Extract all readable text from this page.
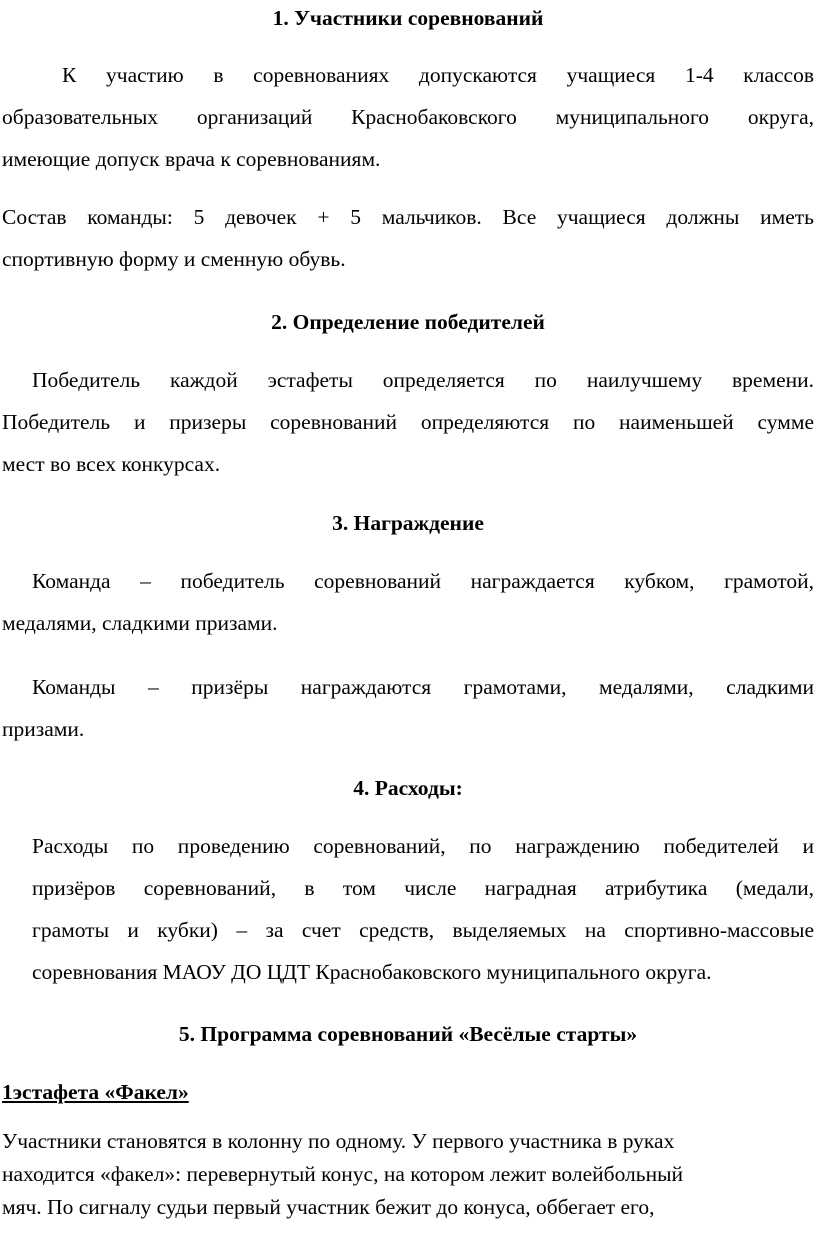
1. Участники соревнований
К участию в соревнованиях допускаются учащиеся 1-4 классов
образовательных организаций Краснобаковского муниципального округа,
имеющие допуск врача к соревнованиям.
Состав команды: 5 девочек + 5 мальчиков. Все учащиеся должны иметь
спортивную форму и сменную обувь.
2. Определение победителей
Победитель каждой эстафеты определяется по наилучшему времени.
Победитель и призеры соревнований определяются по наименьшей сумме
мест во всех конкурсах.
3. Награждение
Команда – победитель соревнований награждается кубком, грамотой,
медалями, сладкими призами.
Команды – призёры награждаются грамотами, медалями, сладкими
призами.
4. Расходы:
Расходы по проведению соревнований, по награждению победителей и
призёров соревнований, в том числе наградная атрибутика (медали,
грамоты и кубки) – за счет средств, выделяемых на спортивно-массовые
соревнования МАОУ ДО ЦДТ Краснобаковского муниципального округа.
5. Программа соревнований «Весёлые старты»
1эстафета «Факел»
Участники становятся в колонну по одному. У первого участника в руках
находится «факел»: перевернутый конус, на котором лежит волейбольный
мяч. По сигналу судьи первый участник бежит до конуса, оббегает его,
